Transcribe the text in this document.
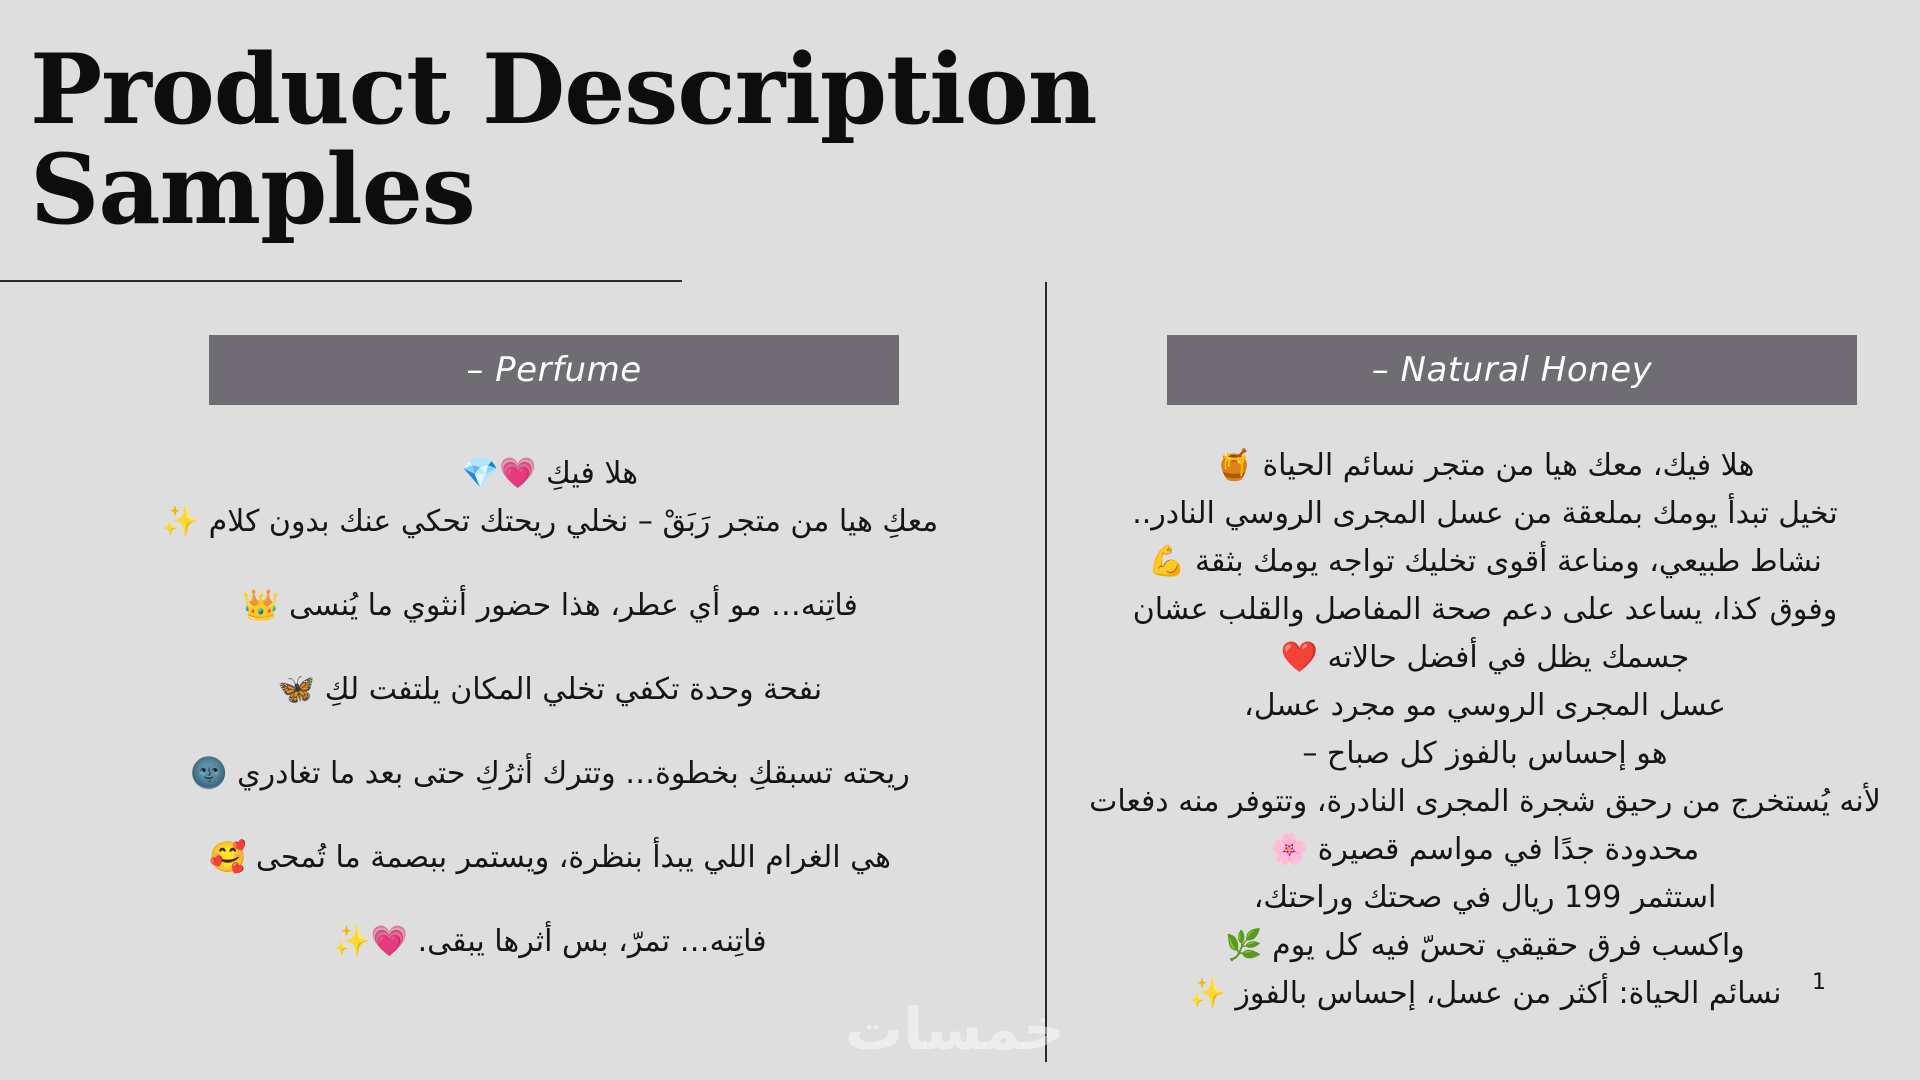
Product Description
Samples
– Perfume	– Natural Honey

هلا فيكِ 💗💎
معكِ هيا من متجر رَبَقْ – نخلي ريحتك تحكي عنك بدون كلام ✨

فاتِنه… مو أي عطر، هذا حضور أنثوي ما يُنسى 👑

نفحة وحدة تكفي تخلي المكان يلتفت لكِ 🦋

ريحته تسبقكِ بخطوة… وتترك أثرُكِ حتى بعد ما تغادري 🌚

هي الغرام اللي يبدأ بنظرة، ويستمر ببصمة ما تُمحى 🥰

فاتِنه… تمرّ، بس أثرها يبقى. 💗✨

هلا فيك، معك هيا من متجر نسائم الحياة 🍯
تخيل تبدأ يومك بملعقة من عسل المجرى الروسي النادر..
نشاط طبيعي، ومناعة أقوى تخليك تواجه يومك بثقة 💪
وفوق كذا، يساعد على دعم صحة المفاصل والقلب عشان
جسمك يظل في أفضل حالاته ❤️
عسل المجرى الروسي مو مجرد عسل،
هو إحساس بالفوز كل صباح –
لأنه يُستخرج من رحيق شجرة المجرى النادرة، وتتوفر منه دفعات
محدودة جدًا في مواسم قصيرة 🌸
استثمر 199 ريال في صحتك وراحتك،
واكسب فرق حقيقي تحسّ فيه كل يوم 🌿
نسائم الحياة: أكثر من عسل، إحساس بالفوز ✨	1
خمسات
